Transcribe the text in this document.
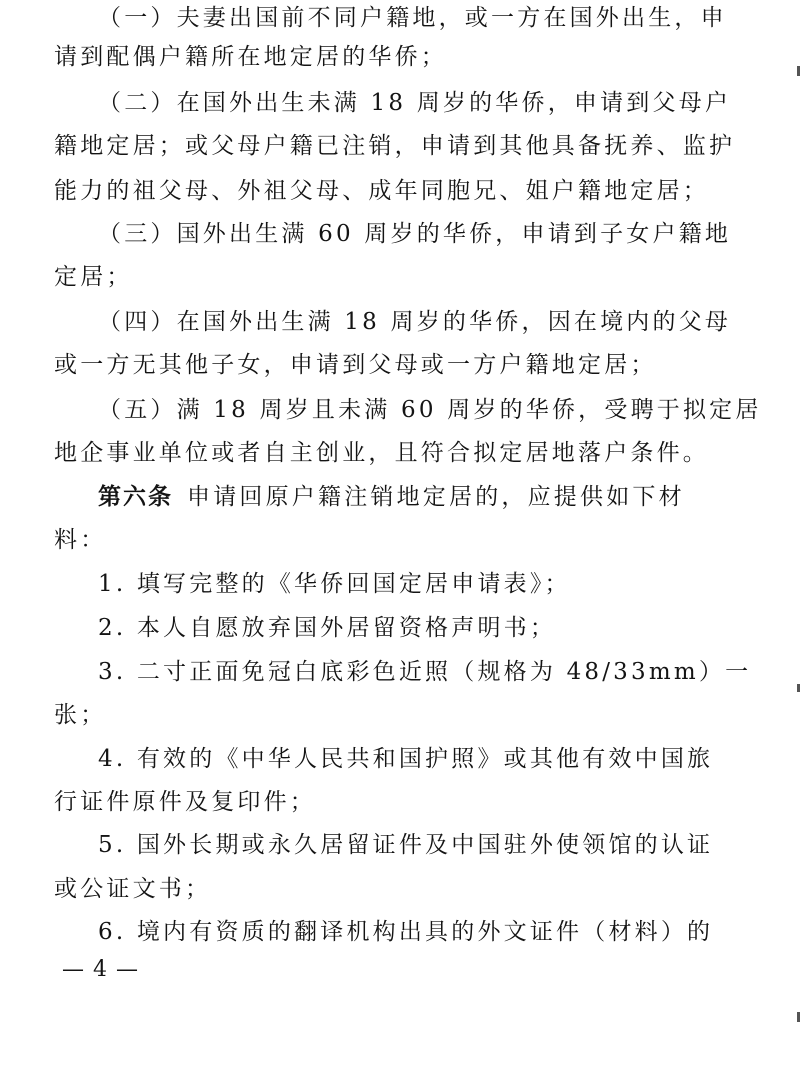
（一）夫妻出国前不同户籍地，或一方在国外出生，申
请到配偶户籍所在地定居的华侨；
（二）在国外出生未满 18 周岁的华侨，申请到父母户
籍地定居；或父母户籍已注销，申请到其他具备抚养、监护
能力的祖父母、外祖父母、成年同胞兄、姐户籍地定居；
（三）国外出生满 60 周岁的华侨，申请到子女户籍地
定居；
（四）在国外出生满 18 周岁的华侨，因在境内的父母
或一方无其他子女，申请到父母或一方户籍地定居；
（五）满 18 周岁且未满 60 周岁的华侨，受聘于拟定居
地企事业单位或者自主创业，且符合拟定居地落户条件。
第六条 申请回原户籍注销地定居的，应提供如下材
料：
1. 填写完整的《华侨回国定居申请表》；
2. 本人自愿放弃国外居留资格声明书；
3. 二寸正面免冠白底彩色近照（规格为 48/33mm）一
张；
4. 有效的《中华人民共和国护照》或其他有效中国旅
行证件原件及复印件；
5. 国外长期或永久居留证件及中国驻外使领馆的认证
或公证文书；
6. 境内有资质的翻译机构出具的外文证件（材料）的
— 4 —
